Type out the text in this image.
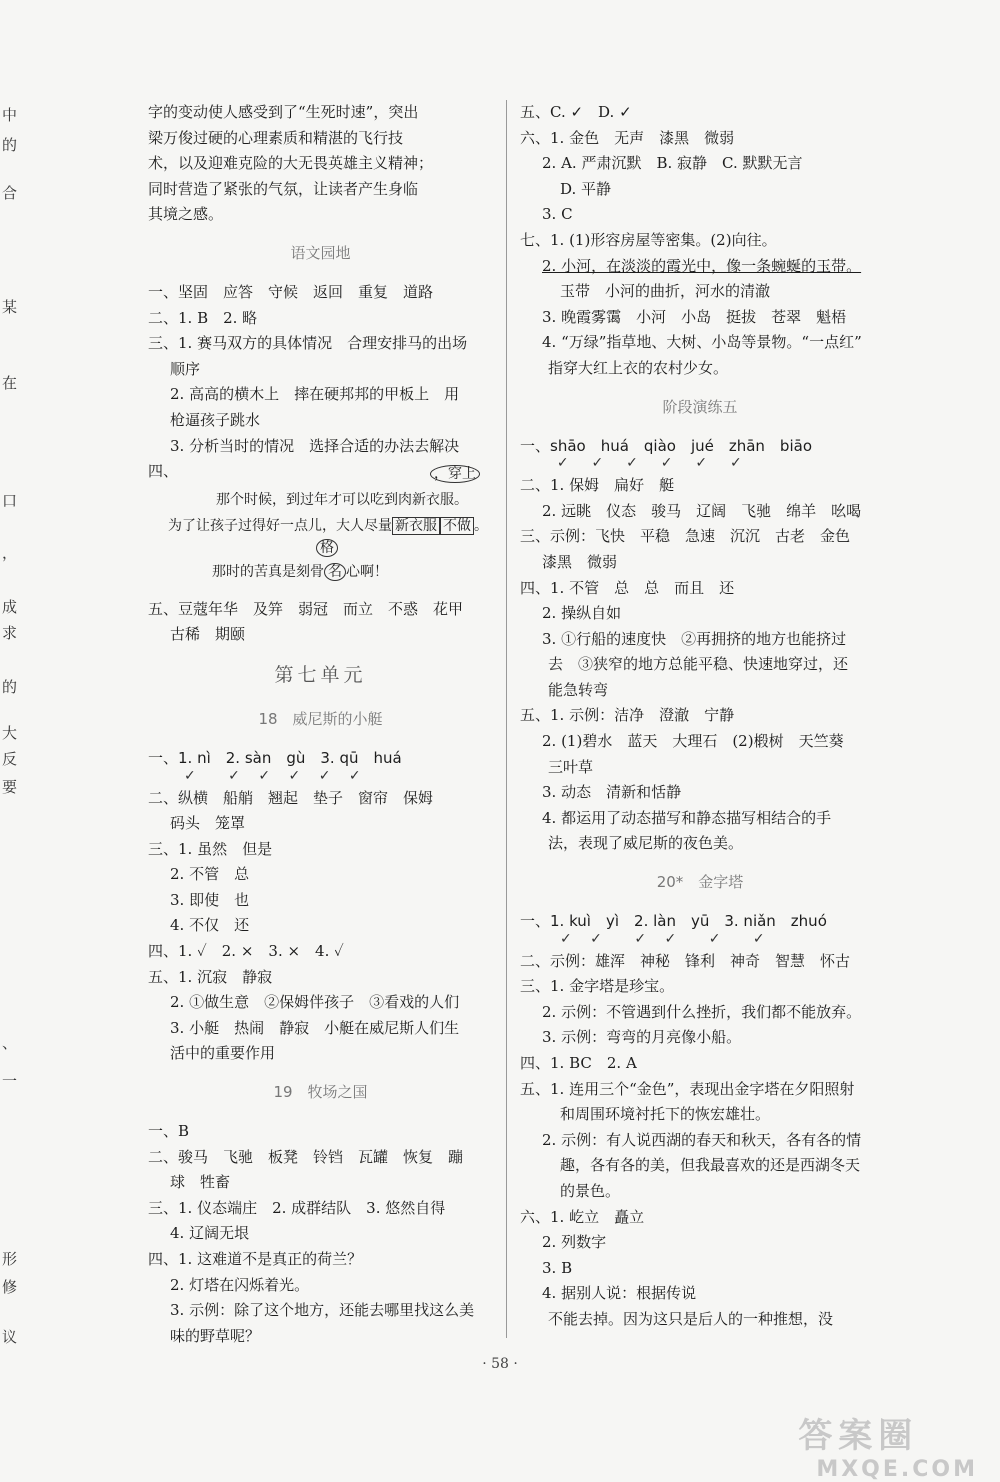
中
的
合
某
在
口
，
成
求
的
大
反
要
、
一
形
修
议
字的变动使人感受到了“生死时速”，突出
梁万俊过硬的心理素质和精湛的飞行技
术，以及迎难克险的大无畏英雄主义精神；
同时营造了紧张的气氛，让读者产生身临
其境之感。
语文园地
一、坚固　应答　守候　返回　重复　道路
二、1. B　2. 略
三、1. 赛马双方的具体情况　合理安排马的出场
顺序
2. 高高的横木上　摔在硬邦邦的甲板上　用
枪逼孩子跳水
3. 分析当时的情况　选择合适的办法去解决
四、	，穿上
那个时候，到过年才可以吃到肉新衣服。
为了让孩子过得好一点儿，大人尽量 新衣服 不做 。
格
那时的苦真是刻骨 名 心啊！
五、豆蔻年华　及笄　弱冠　而立　不惑　花甲
古稀　期颐
第七单元
18　威尼斯的小艇
一、1. nì　2. sàn　gù　3. qū　huá
✓　　 ✓　 ✓　 ✓　 ✓　 ✓
二、纵横　船艄　翘起　垫子　窗帘　保姆
码头　笼罩
三、1. 虽然　但是
2. 不管　总
3. 即使　也
4. 不仅　还
四、1. ✓　2. ×　3. ×　4. ✓
五、1. 沉寂　静寂
2. ①做生意　②保姆伴孩子　③看戏的人们
3. 小艇　热闹　静寂　小艇在威尼斯人们生
活中的重要作用
19　牧场之国
一、B
二、骏马　飞驰　板凳　铃铛　瓦罐　恢复　蹦
球　牲畜
三、1. 仪态端庄　2. 成群结队　3. 悠然自得
4. 辽阔无垠
四、1. 这难道不是真正的荷兰？
2. 灯塔在闪烁着光。
3. 示例：除了这个地方，还能去哪里找这么美
味的野草呢？
五、C. ✓　D. ✓
六、1. 金色　无声　漆黑　微弱
2. A. 严肃沉默　B. 寂静　C. 默默无言
D. 平静
3. C
七、1. (1)形容房屋等密集。(2)向往。
2. 小河，在淡淡的霞光中，像一条蜿蜒的玉带。
玉带　小河的曲折，河水的清澈
3. 晚霞雾霭　小河　小岛　挺拔　苍翠　魁梧
4. “万绿”指草地、大树、小岛等景物。“一点红”
指穿大红上衣的农村少女。
阶段演练五
一、shāo　huá　qiào　jué　zhān　biāo
✓　  ✓　  ✓　  ✓　  ✓　  ✓
二、1. 保姆　扁好　艇
2. 远眺　仪态　骏马　辽阔　飞驰　绵羊　吆喝
三、示例：飞快　平稳　急速　沉沉　古老　金色
漆黑　微弱
四、1. 不管　总　总　而且　还
2. 操纵自如
3. ①行船的速度快　②再拥挤的地方也能挤过
去　③狭窄的地方总能平稳、快速地穿过，还
能急转弯
五、1. 示例：洁净　澄澈　宁静
2. (1)碧水　蓝天　大理石　(2)椴树　天竺葵
三叶草
3. 动态　清新和恬静
4. 都运用了动态描写和静态描写相结合的手
法，表现了威尼斯的夜色美。
20*　金字塔
一、1. kuì　yì　2. làn　yū　3. niǎn　zhuó
✓　 ✓　　 ✓　 ✓　　 ✓　　 ✓
二、示例：雄浑　神秘　锋利　神奇　智慧　怀古
三、1. 金字塔是珍宝。
2. 示例：不管遇到什么挫折，我们都不能放弃。
3. 示例：弯弯的月亮像小船。
四、1. BC　2. A
五、1. 连用三个“金色”，表现出金字塔在夕阳照射
和周围环境衬托下的恢宏雄壮。
2. 示例：有人说西湖的春天和秋天，各有各的情
趣，各有各的美，但我最喜欢的还是西湖冬天
的景色。
六、1. 屹立　矗立
2. 列数字
3. B
4. 据别人说：根据传说
不能去掉。因为这只是后人的一种推想，没
· 58 ·
答案圈
MXQE.COM
